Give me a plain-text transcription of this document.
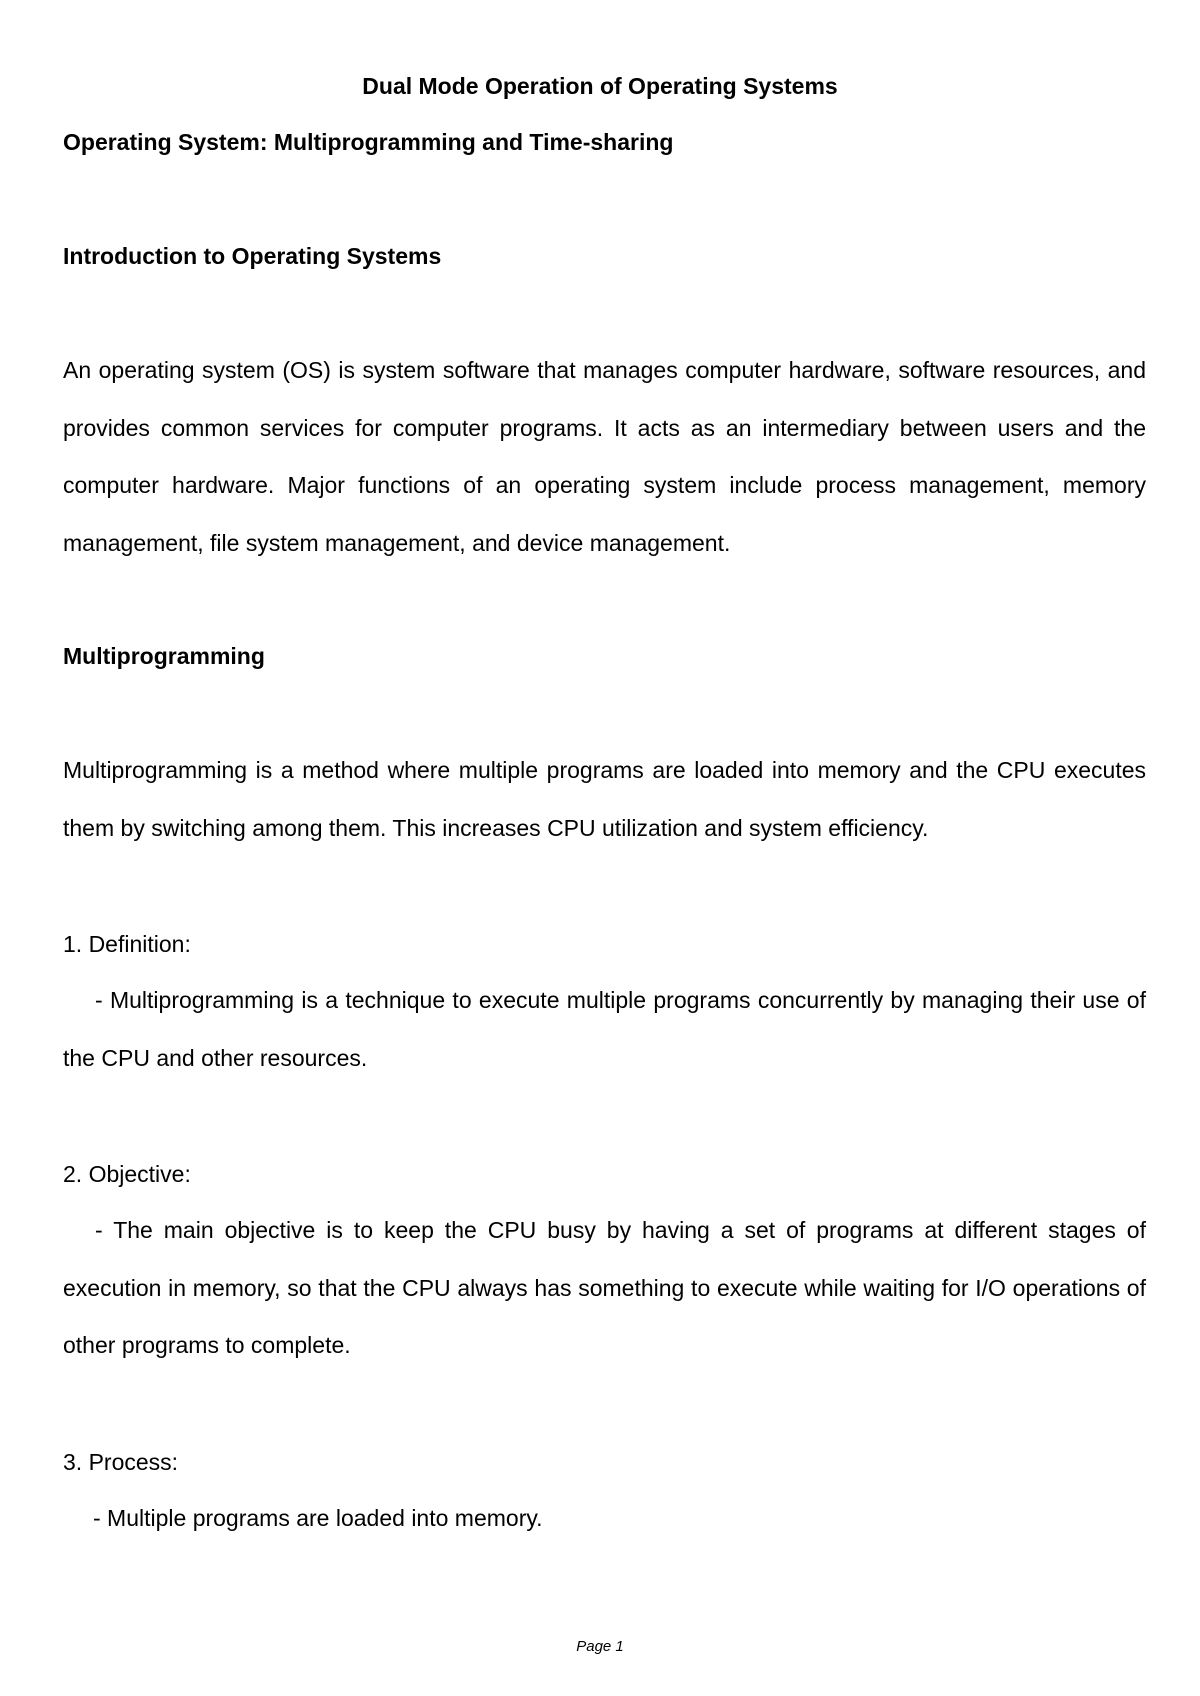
Dual Mode Operation of Operating Systems
Operating System: Multiprogramming and Time-sharing
Introduction to Operating Systems

An operating system (OS) is system software that manages computer hardware, software resources, and provides common services for computer programs. It acts as an intermediary between users and the computer hardware. Major functions of an operating system include process management, memory management, file system management, and device management.

Multiprogramming

Multiprogramming is a method where multiple programs are loaded into memory and the CPU executes them by switching among them. This increases CPU utilization and system efficiency.

1. Definition:

- Multiprogramming is a technique to execute multiple programs concurrently by managing their use of the CPU and other resources.

2. Objective:

- The main objective is to keep the CPU busy by having a set of programs at different stages of execution in memory, so that the CPU always has something to execute while waiting for I/O operations of other programs to complete.

3. Process:

- Multiple programs are loaded into memory.

Page 1
